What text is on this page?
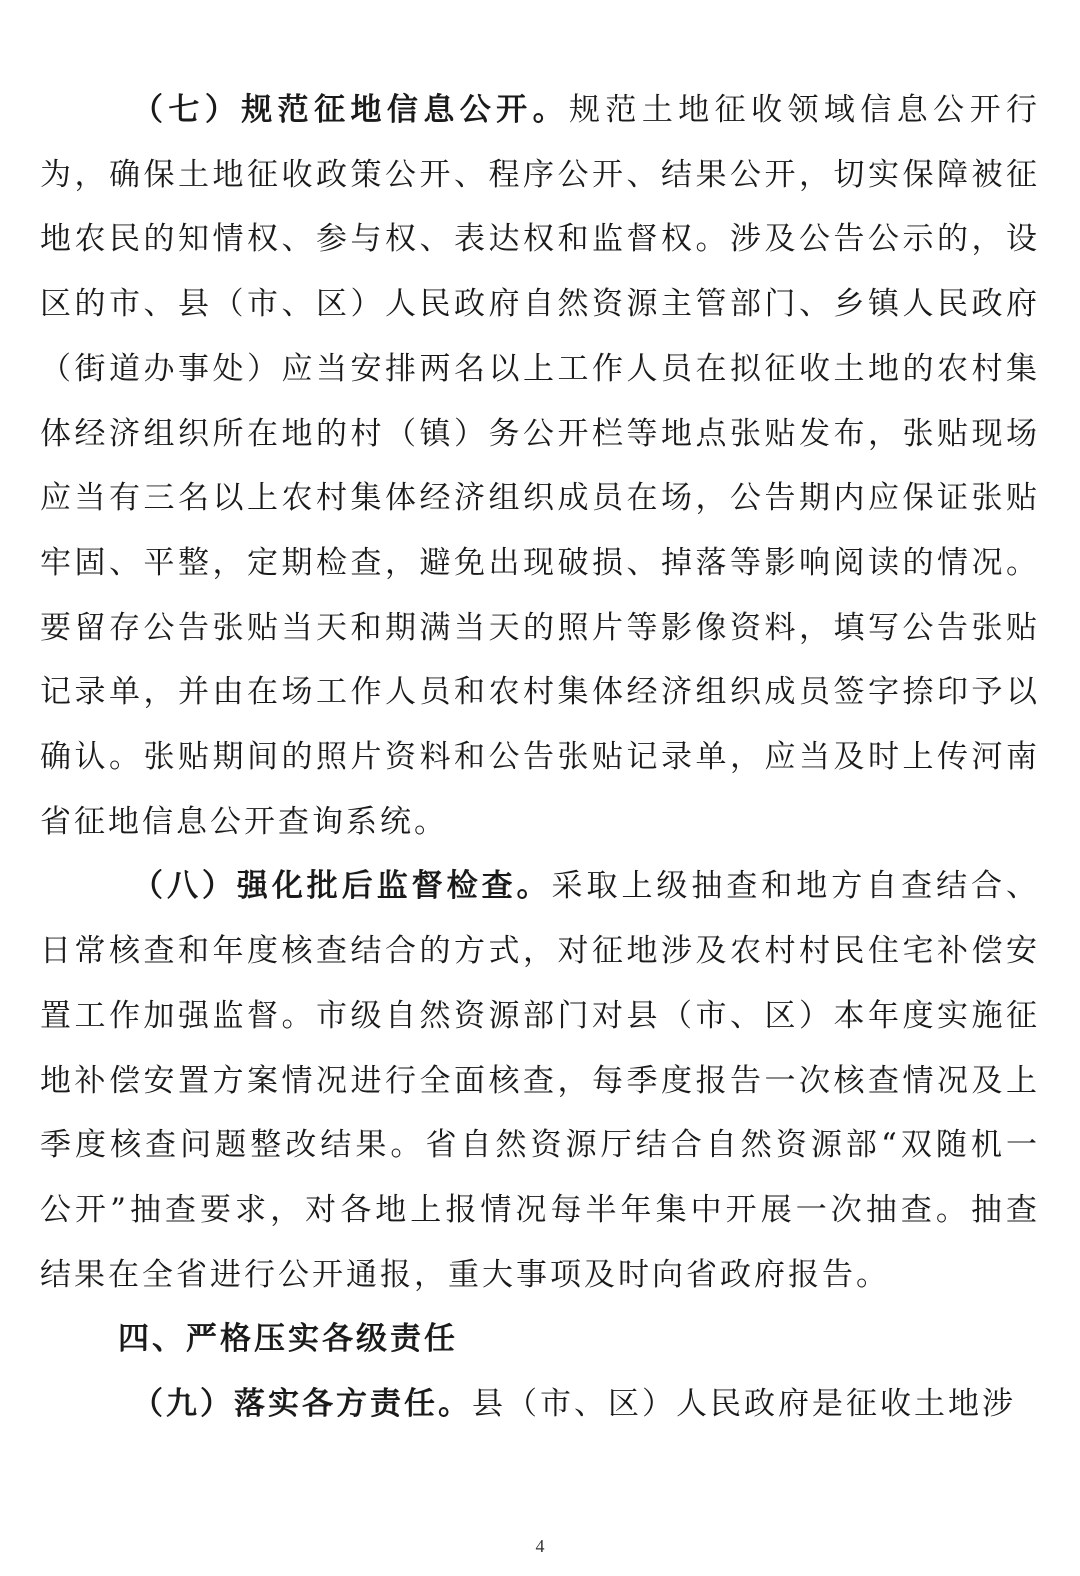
（七）规范征地信息公开。规范土地征收领域信息公开行为，确保土地征收政策公开、程序公开、结果公开，切实保障被征地农民的知情权、参与权、表达权和监督权。涉及公告公示的，设区的市、县（市、区）人民政府自然资源主管部门、乡镇人民政府（街道办事处）应当安排两名以上工作人员在拟征收土地的农村集体经济组织所在地的村（镇）务公开栏等地点张贴发布，张贴现场应当有三名以上农村集体经济组织成员在场，公告期内应保证张贴牢固、平整，定期检查，避免出现破损、掉落等影响阅读的情况。要留存公告张贴当天和期满当天的照片等影像资料，填写公告张贴记录单，并由在场工作人员和农村集体经济组织成员签字捺印予以确认。张贴期间的照片资料和公告张贴记录单，应当及时上传河南省征地信息公开查询系统。

（八）强化批后监督检查。采取上级抽查和地方自查结合、日常核查和年度核查结合的方式，对征地涉及农村村民住宅补偿安置工作加强监督。市级自然资源部门对县（市、区）本年度实施征地补偿安置方案情况进行全面核查，每季度报告一次核查情况及上季度核查问题整改结果。省自然资源厅结合自然资源部“双随机一公开”抽查要求，对各地上报情况每半年集中开展一次抽查。抽查结果在全省进行公开通报，重大事项及时向省政府报告。

四、严格压实各级责任

（九）落实各方责任。县（市、区）人民政府是征收土地涉

4
